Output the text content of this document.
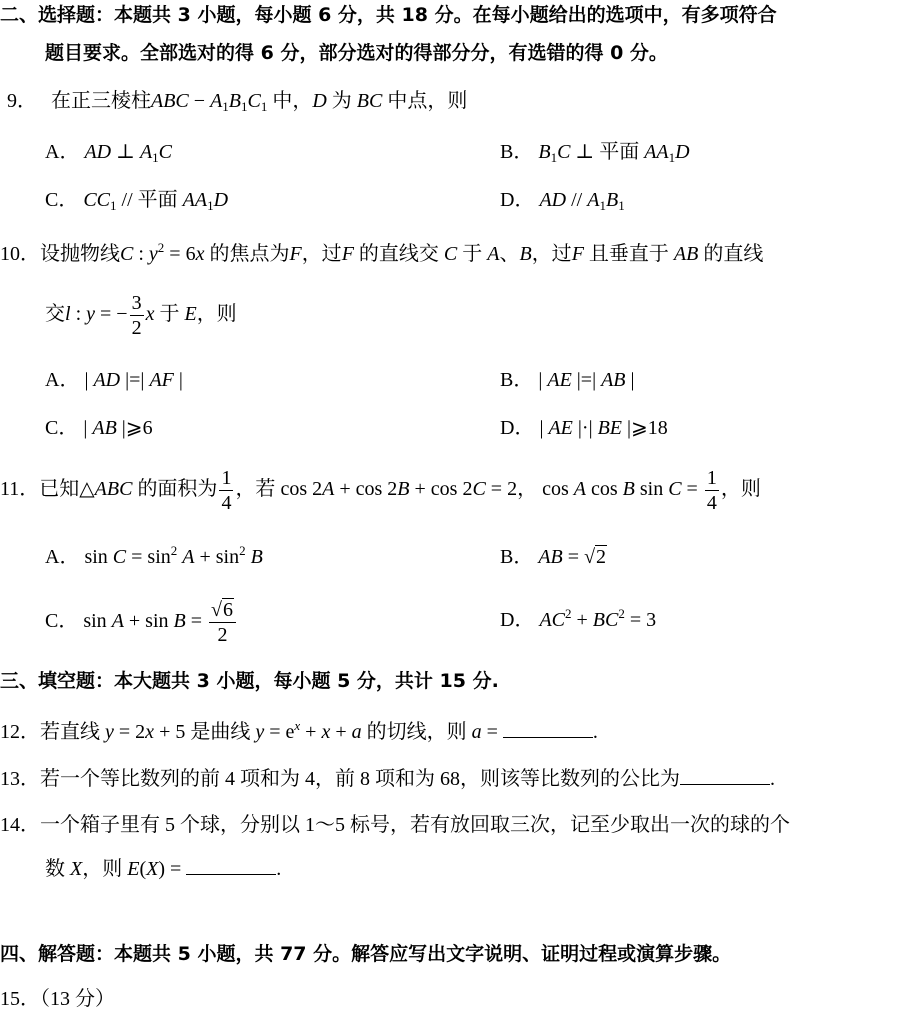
二、选择题：本题共 3 小题，每小题 6 分，共 18 分。在每小题给出的选项中，有多项符合
题目要求。全部选对的得 6 分，部分选对的得部分分，有选错的得 0 分。
9． 在正三棱柱ABC − $A_1B_1C_1$ 中，D 为 BC 中点，则
A． AD ⊥ $A_1C$	B． $B_1C$ ⊥ 平面 $AA_1D$
C． $CC_1$ // 平面 $AA_1D$	D． AD // $A_1B_1$
10．设抛物线C : $y^2 = 6x$ 的焦点为F，过F 的直线交 C 于 A、B，过F 且垂直于 AB 的直线
交l : y = − $\frac{3}{2}$ x 于 E，则
A． | AD |=| AF |	B． | AE |=| AB |
C． | AB |⩾6	D． | AE |·| BE |⩾18
11．已知△ABC 的面积为 $\frac{1}{4}$ ，若 cos 2A + cos 2B + cos 2C = 2， cos A cos B $\sin C = \frac{1}{4}$ ，则
A． $\sin C = \sin^2 A + \sin^2 B$	B． AB = √2
C． $\sin A + \sin B = \frac{√6}{2}$	D． $AC^2 + BC^2 = 3$
三、填空题：本大题共 3 小题，每小题 5 分，共计 15 分.
12．若直线 y = 2x + 5 是曲线 $y = e^x + x + a$ 的切线，则 a =	.
13．若一个等比数列的前 4 项和为 4，前 8 项和为 68，则该等比数列的公比为	.
14．一个箱子里有 5 个球，分别以 1～5 标号，若有放回取三次，记至少取出一次的球的个
数 X，则 E(X) =	.
四、解答题：本题共 5 小题，共 77 分。解答应写出文字说明、证明过程或演算步骤。
15．（13 分）
